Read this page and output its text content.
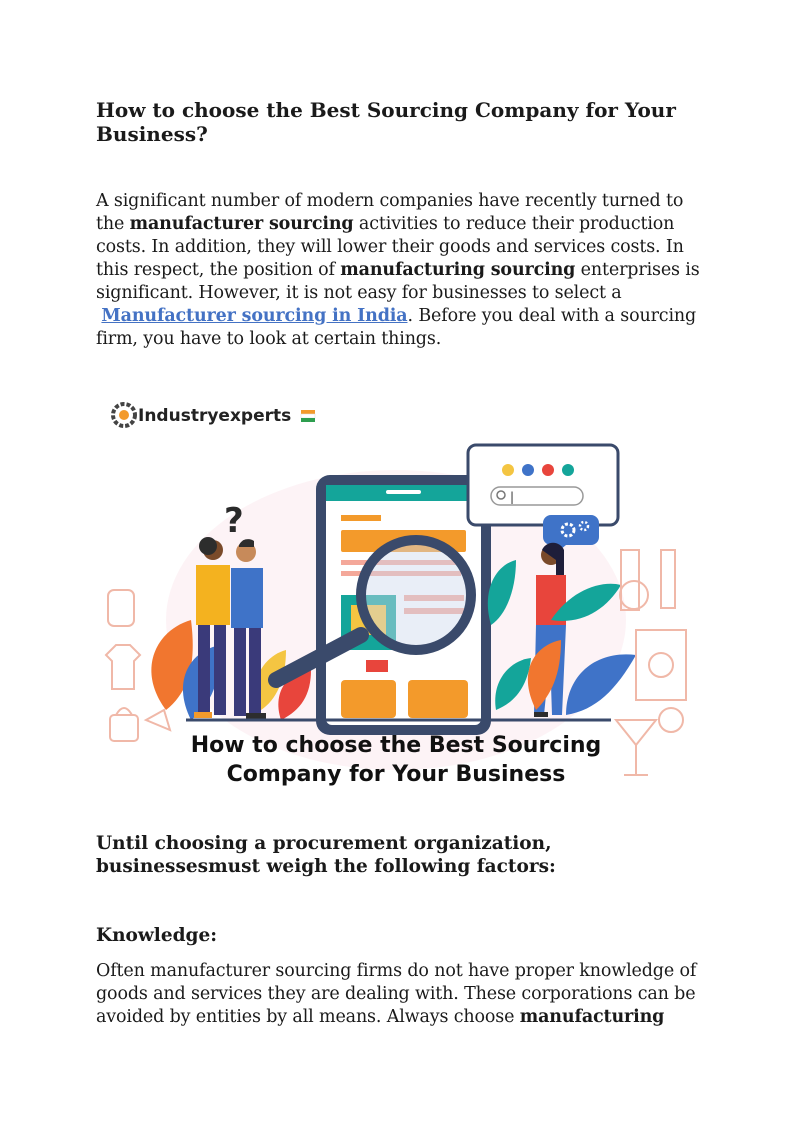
How to choose the Best Sourcing Company for Your Business?

A significant number of modern companies have recently turned to the manufacturer sourcing activities to reduce their production costs. In addition, they will lower their goods and services costs. In this respect, the position of manufacturing sourcing enterprises is significant. However, it is not easy for businesses to select a  Manufacturer sourcing in India. Before you deal with a sourcing firm, you have to look at certain things.

Industryexperts
|
?
How to choose the Best Sourcing
Company for Your Business
Until choosing a procurement organization, businessesmust weigh the following factors:
Knowledge:

Often manufacturer sourcing firms do not have proper knowledge of goods and services they are dealing with. These corporations can be avoided by entities by all means. Always choose manufacturing
